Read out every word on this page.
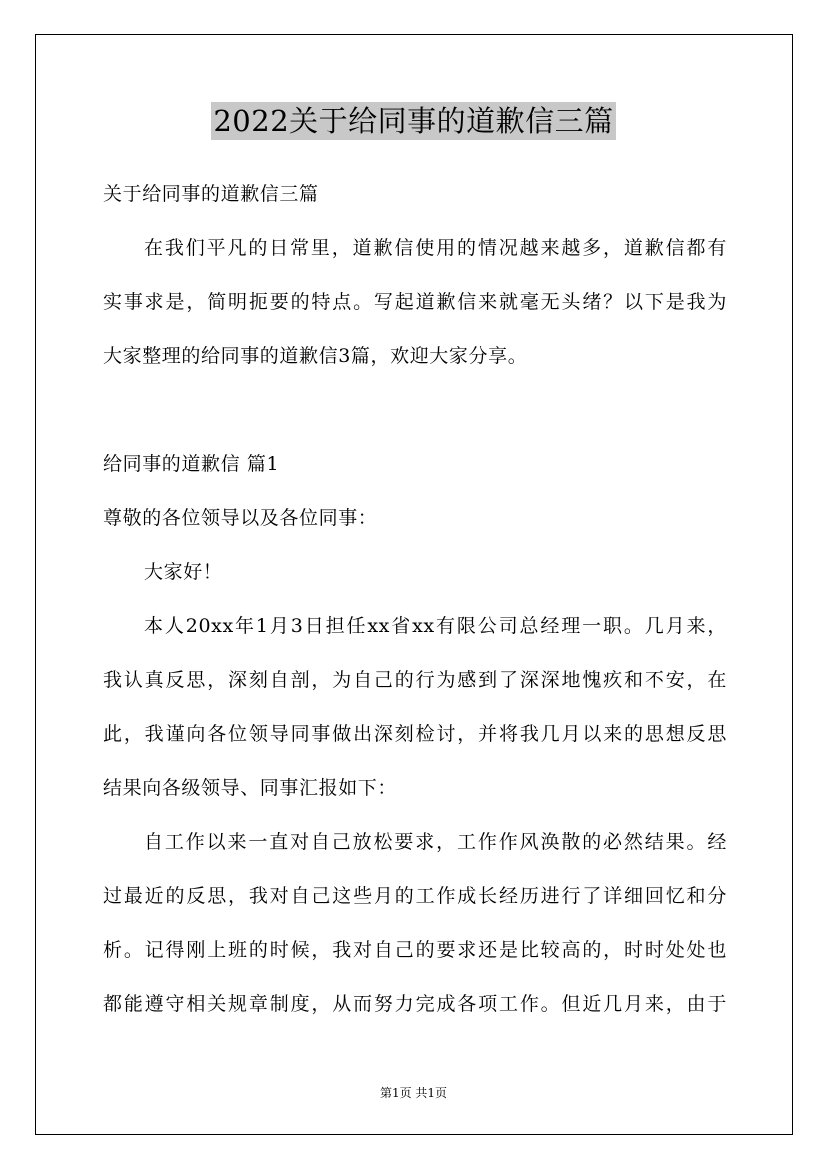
2022关于给同事的道歉信三篇
关于给同事的道歉信三篇
在我们平凡的日常里，道歉信使用的情况越来越多，道歉信都有
实事求是，简明扼要的特点。写起道歉信来就毫无头绪？以下是我为
大家整理的给同事的道歉信3篇，欢迎大家分享。
给同事的道歉信 篇1
尊敬的各位领导以及各位同事：
大家好！
本人20xx年1月3日担任xx省xx有限公司总经理一职。几月来，
我认真反思，深刻自剖，为自己的行为感到了深深地愧疚和不安，在
此，我谨向各位领导同事做出深刻检讨，并将我几月以来的思想反思
结果向各级领导、同事汇报如下：
自工作以来一直对自己放松要求，工作作风涣散的必然结果。经
过最近的反思，我对自己这些月的工作成长经历进行了详细回忆和分
析。记得刚上班的时候，我对自己的要求还是比较高的，时时处处也
都能遵守相关规章制度，从而努力完成各项工作。但近几月来，由于
第1页 共1页
